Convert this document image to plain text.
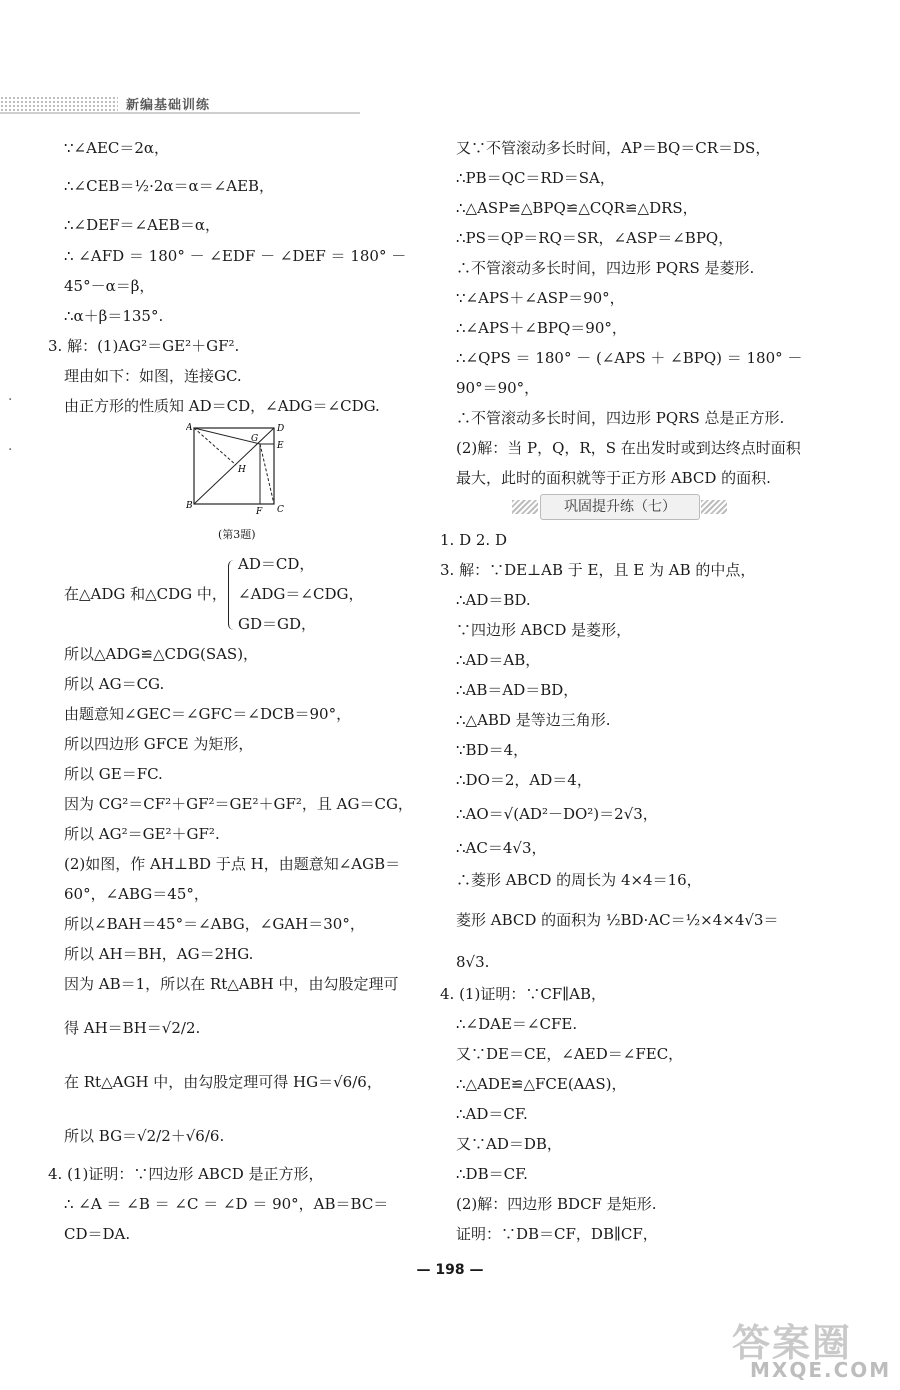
新编基础训练
·
·
∵∠AEC＝2α，
∴∠CEB＝½·2α＝α＝∠AEB，
∴∠DEF＝∠AEB＝α，
∴ ∠AFD ＝ 180° － ∠EDF － ∠DEF ＝ 180° －
45°－α＝β，
∴α＋β＝135°.
3. 解：(1)AG²＝GE²＋GF².
理由如下：如图，连接GC.
由正方形的性质知 AD＝CD，∠ADG＝∠CDG.
A	D
E
G
H
B	C
F
(第3题)
在△ADG 和△CDG 中，
AD＝CD，
∠ADG＝∠CDG，
GD＝GD，
所以△ADG≌△CDG(SAS)，
所以 AG＝CG.
由题意知∠GEC＝∠GFC＝∠DCB＝90°，
所以四边形 GFCE 为矩形，
所以 GE＝FC.
因为 CG²＝CF²＋GF²＝GE²＋GF²，且 AG＝CG，
所以 AG²＝GE²＋GF².
(2)如图，作 AH⊥BD 于点 H，由题意知∠AGB＝
60°，∠ABG＝45°，
所以∠BAH＝45°＝∠ABG，∠GAH＝30°，
所以 AH＝BH，AG＝2HG.
因为 AB＝1，所以在 Rt△ABH 中，由勾股定理可
得 AH＝BH＝√2/2.
在 Rt△AGH 中，由勾股定理可得 HG＝√6/6，
所以 BG＝√2/2＋√6/6.
4. (1)证明：∵四边形 ABCD 是正方形，
∴ ∠A ＝ ∠B ＝ ∠C ＝ ∠D ＝ 90°，AB＝BC＝
CD＝DA.
又∵不管滚动多长时间，AP＝BQ＝CR＝DS，
∴PB＝QC＝RD＝SA，
∴△ASP≌△BPQ≌△CQR≌△DRS，
∴PS＝QP＝RQ＝SR，∠ASP＝∠BPQ，
∴不管滚动多长时间，四边形 PQRS 是菱形.
∵∠APS＋∠ASP＝90°，
∴∠APS＋∠BPQ＝90°，
∴∠QPS ＝ 180° － (∠APS ＋ ∠BPQ) ＝ 180° －
90°＝90°，
∴不管滚动多长时间，四边形 PQRS 总是正方形.
(2)解：当 P，Q，R，S 在出发时或到达终点时面积
最大，此时的面积就等于正方形 ABCD 的面积.
巩固提升练（七）
1. D 2. D
3. 解：∵DE⊥AB 于 E，且 E 为 AB 的中点，
∴AD＝BD.
∵四边形 ABCD 是菱形，
∴AD＝AB，
∴AB＝AD＝BD，
∴△ABD 是等边三角形.
∵BD＝4，
∴DO＝2，AD＝4，
∴AO＝√(AD²－DO²)＝2√3，
∴AC＝4√3，
∴菱形 ABCD 的周长为 4×4＝16，
菱形 ABCD 的面积为 ½BD·AC＝½×4×4√3＝
8√3.
4. (1)证明：∵CF∥AB，
∴∠DAE＝∠CFE.
又∵DE＝CE，∠AED＝∠FEC，
∴△ADE≌△FCE(AAS)，
∴AD＝CF.
又∵AD＝DB，
∴DB＝CF.
(2)解：四边形 BDCF 是矩形.
证明：∵DB＝CF，DB∥CF，
— 198 —
答案圈
MXQE.COM
